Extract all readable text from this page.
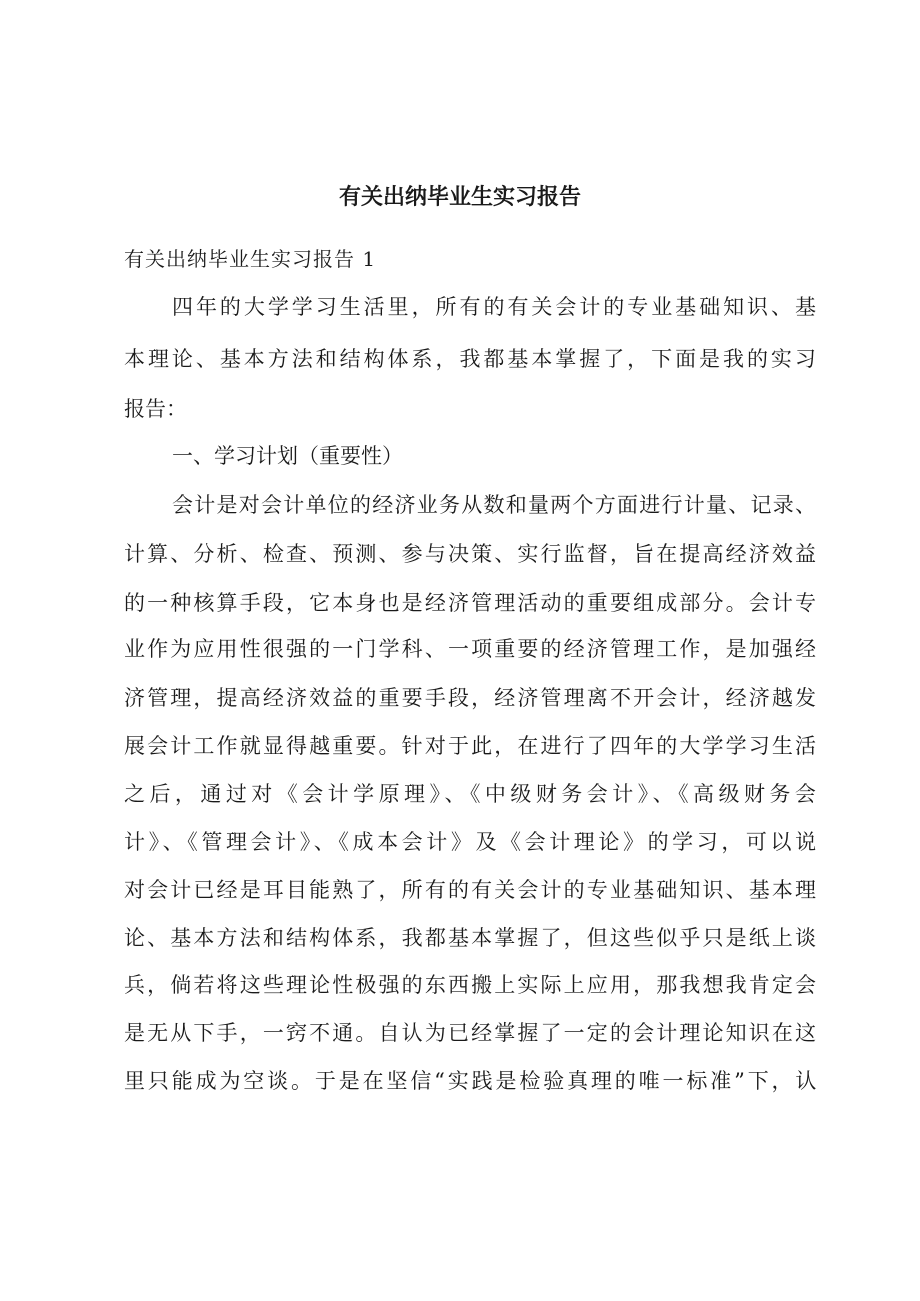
有关出纳毕业生实习报告
有关出纳毕业生实习报告 1
四年的大学学习生活里，所有的有关会计的专业基础知识、基
本理论、基本方法和结构体系，我都基本掌握了，下面是我的实习
报告：
一、学习计划（重要性）
会计是对会计单位的经济业务从数和量两个方面进行计量、记录、
计算、分析、检查、预测、参与决策、实行监督，旨在提高经济效益
的一种核算手段，它本身也是经济管理活动的重要组成部分。会计专
业作为应用性很强的一门学科、一项重要的经济管理工作，是加强经
济管理，提高经济效益的重要手段，经济管理离不开会计，经济越发
展会计工作就显得越重要。针对于此，在进行了四年的大学学习生活
之后，通过对《会计学原理》、《中级财务会计》、《高级财务会
计》、《管理会计》、《成本会计》及《会计理论》的学习，可以说
对会计已经是耳目能熟了，所有的有关会计的专业基础知识、基本理
论、基本方法和结构体系，我都基本掌握了，但这些似乎只是纸上谈
兵，倘若将这些理论性极强的东西搬上实际上应用，那我想我肯定会
是无从下手，一窍不通。自认为已经掌握了一定的会计理论知识在这
里只能成为空谈。于是在坚信“实践是检验真理的唯一标准”下，认
